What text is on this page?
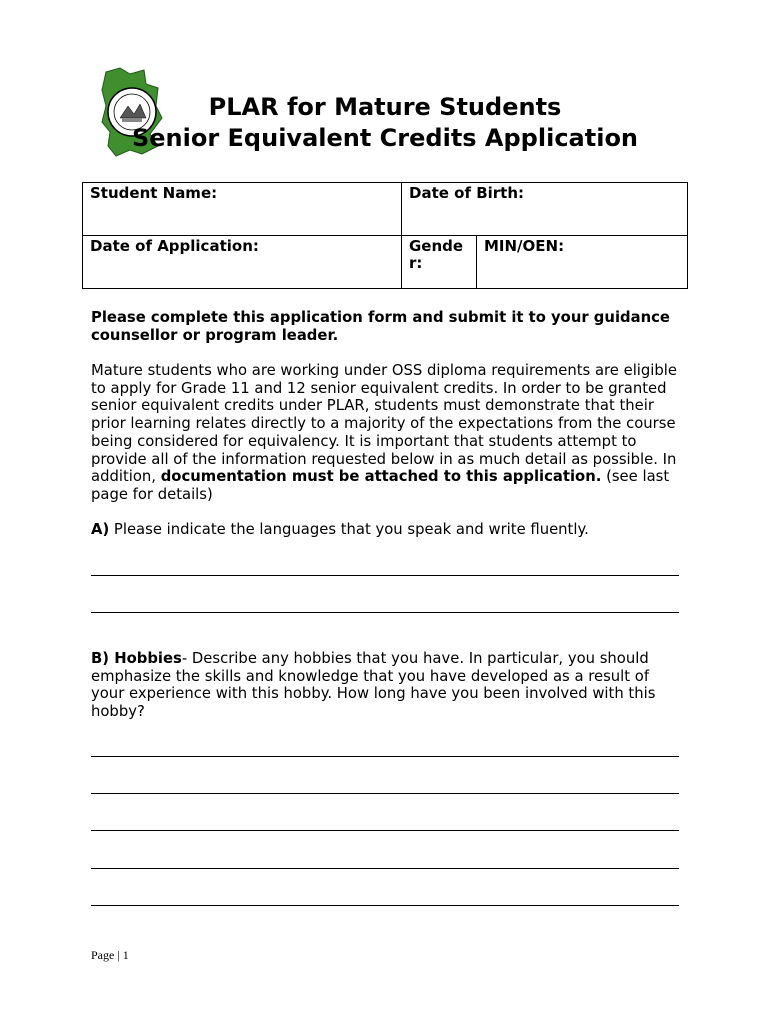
PLAR for Mature Students
Senior Equivalent Credits Application
Student Name:	Date of Birth:	
Date of Application:	Gender:	MIN/OEN:
Please complete this application form and submit it to your guidance counsellor or program leader.
Mature students who are working under OSS diploma requirements are eligible to apply for Grade 11 and 12 senior equivalent credits. In order to be granted senior equivalent credits under PLAR, students must demonstrate that their prior learning relates directly to a majority of the expectations from the course being considered for equivalency. It is important that students attempt to provide all of the information requested below in as much detail as possible. In addition, documentation must be attached to this application. (see last page for details)
A) Please indicate the languages that you speak and write fluently.
B) Hobbies- Describe any hobbies that you have. In particular, you should emphasize the skills and knowledge that you have developed as a result of your experience with this hobby. How long have you been involved with this hobby?
Page | 1
